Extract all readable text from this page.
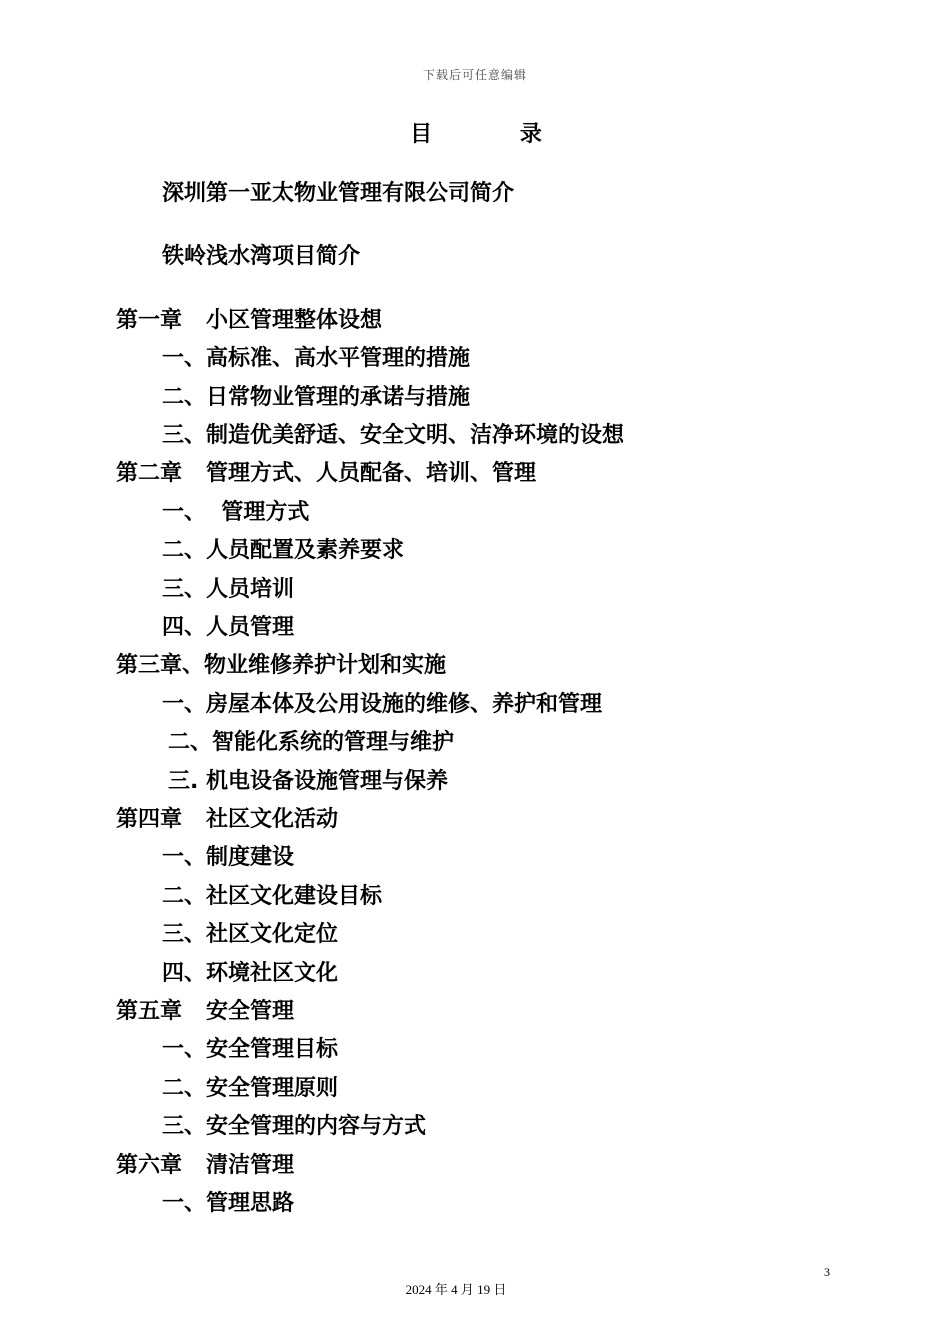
下载后可任意编辑
目 录
深圳第一亚太物业管理有限公司简介
铁岭浅水湾项目简介
第一章 小区管理整体设想
一、高标准、高水平管理的措施
二、日常物业管理的承诺与措施
三、制造优美舒适、安全文明、洁净环境的设想
第二章 管理方式、人员配备、培训、管理
一、  管理方式
二、人员配置及素养要求
三、人员培训
四、人员管理
第三章、物业维修养护计划和实施
一、房屋本体及公用设施的维修、养护和管理
二、智能化系统的管理与维护
三. 机电设备设施管理与保养
第四章 社区文化活动
一、制度建设
二、社区文化建设目标
三、社区文化定位
四、环境社区文化
第五章 安全管理
一、安全管理目标
二、安全管理原则
三、安全管理的内容与方式
第六章 清洁管理
一、管理思路
3
2024 年 4 月 19 日
